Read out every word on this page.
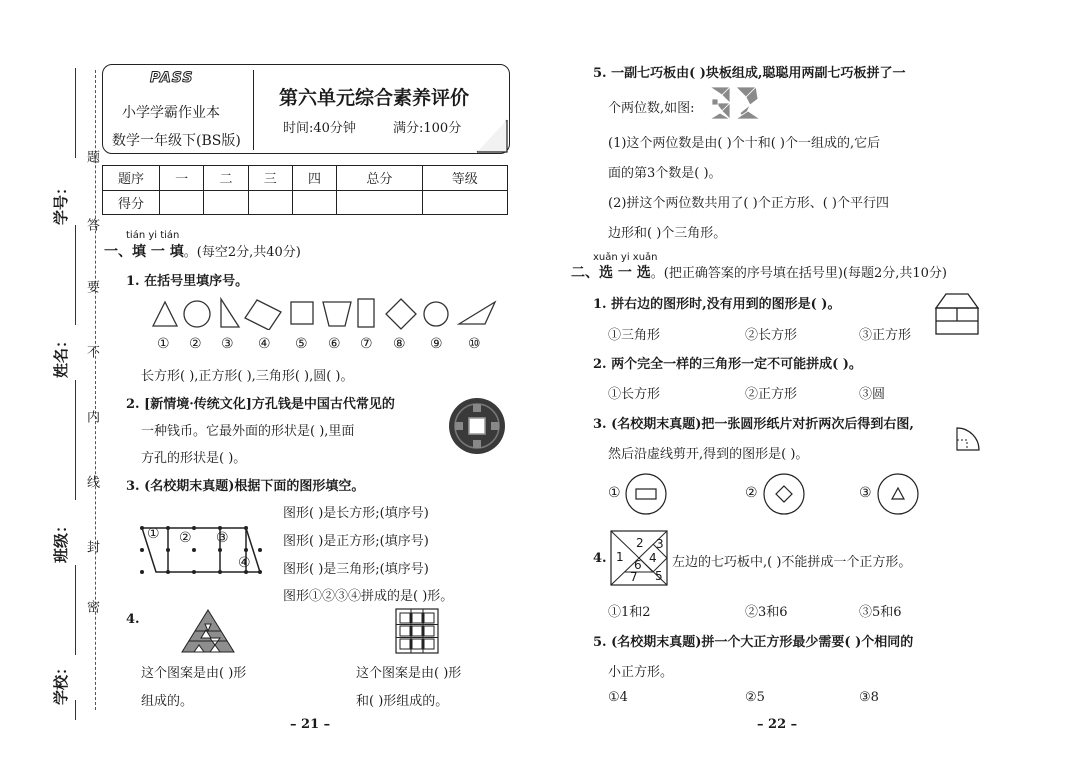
学号：
姓名：
班级：
学校：
题
答
要
不
内
线
封
密
PASS
小学学霸作业本
数学一年级下(BS版)
第六单元综合素养评价
时间:40分钟	满分:100分
题序	一	二	三	四	总分	等级
得分						
tián yi tián
一、填 一 填。(每空2分,共40分)
1. 在括号里填序号。
① ② ③ ④ ⑤ ⑥ ⑦ ⑧ ⑨ ⑩
长方形( ),正方形( ),三角形( ),圆( )。
2. [新情境·传统文化]方孔钱是中国古代常见的
一种钱币。它最外面的形状是( ),里面
方孔的形状是( )。
3. (名校期末真题)根据下面的图形填空。
① ② ③
④
图形( )是长方形;(填序号)
图形( )是正方形;(填序号)
图形( )是三角形;(填序号)
图形①②③④拼成的是( )形。
4.
这个图案是由( )形
组成的。
这个图案是由( )形
和( )形组成的。
– 21 –
5. 一副七巧板由( )块板组成,聪聪用两副七巧板拼了一
个两位数,如图:
(1)这个两位数是由( )个十和( )个一组成的,它后
面的第3个数是( )。
(2)拼这个两位数共用了( )个正方形、( )个平行四
边形和( )个三角形。
xuǎn yi xuǎn
二、选 一 选。(把正确答案的序号填在括号里)(每题2分,共10分)
1. 拼右边的图形时,没有用到的图形是( )。
①三角形	②长方形	③正方形
2. 两个完全一样的三角形一定不可能拼成( )。
①长方形	②正方形	③圆
3. (名校期末真题)把一张圆形纸片对折两次后得到右图,
然后沿虚线剪开,得到的图形是( )。
①	②	③
4. 1
2 3
4
5
6
7
左边的七巧板中,( )不能拼成一个正方形。
①1和2	②3和6	③5和6
5. (名校期末真题)拼一个大正方形最少需要( )个相同的
小正方形。
①4	②5	③8
– 22 –
